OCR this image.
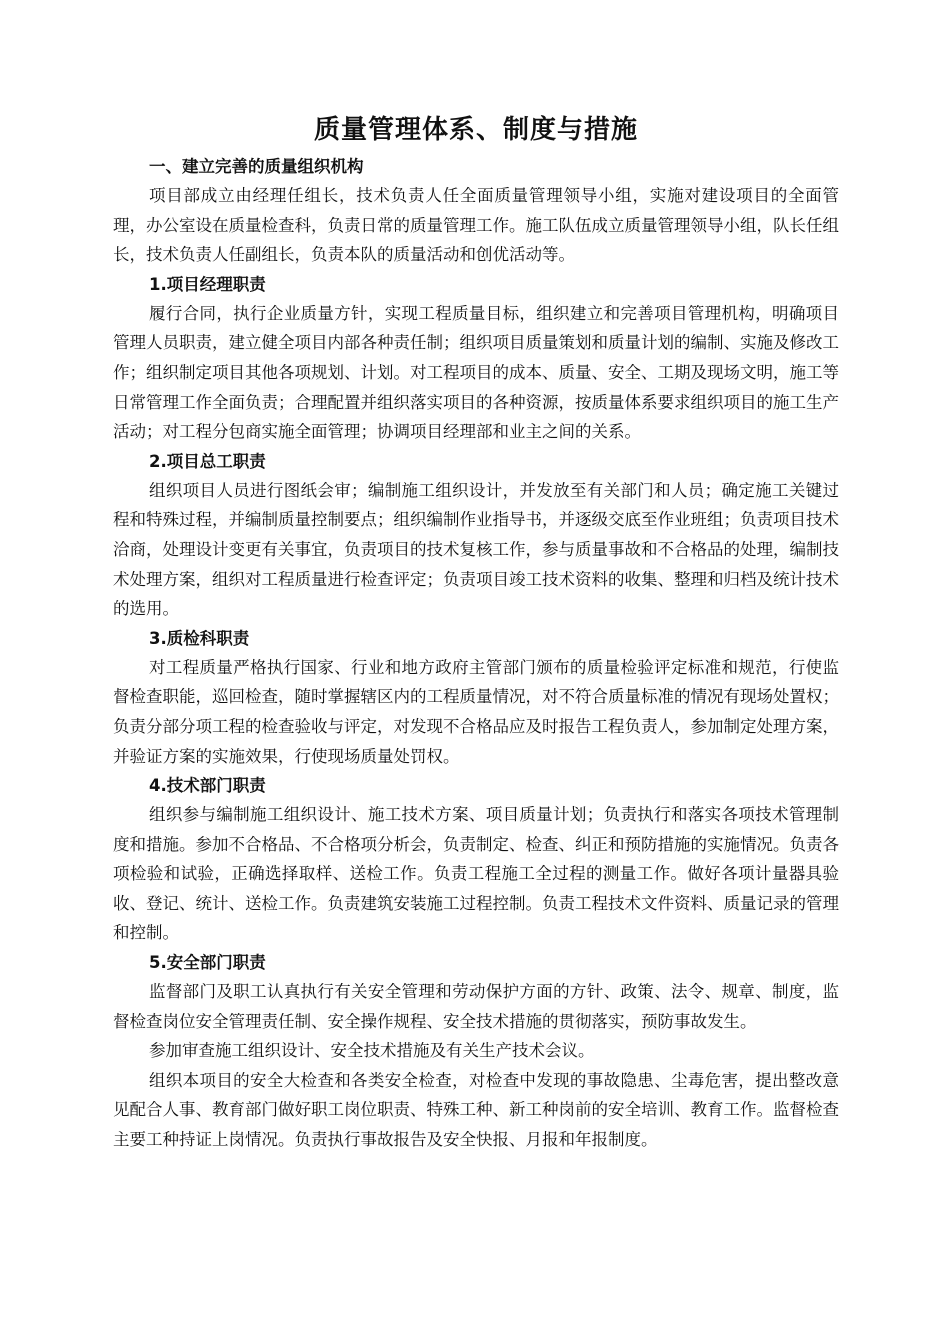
质量管理体系、制度与措施

一、建立完善的质量组织机构

项目部成立由经理任组长，技术负责人任全面质量管理领导小组，实施对建设项目的全面管理，办公室设在质量检查科，负责日常的质量管理工作。施工队伍成立质量管理领导小组，队长任组长，技术负责人任副组长，负责本队的质量活动和创优活动等。

1.项目经理职责

履行合同，执行企业质量方针，实现工程质量目标，组织建立和完善项目管理机构，明确项目管理人员职责，建立健全项目内部各种责任制；组织项目质量策划和质量计划的编制、实施及修改工作；组织制定项目其他各项规划、计划。对工程项目的成本、质量、安全、工期及现场文明，施工等日常管理工作全面负责；合理配置并组织落实项目的各种资源，按质量体系要求组织项目的施工生产活动；对工程分包商实施全面管理；协调项目经理部和业主之间的关系。

2.项目总工职责

组织项目人员进行图纸会审；编制施工组织设计，并发放至有关部门和人员；确定施工关键过程和特殊过程，并编制质量控制要点；组织编制作业指导书，并逐级交底至作业班组；负责项目技术洽商，处理设计变更有关事宜，负责项目的技术复核工作，参与质量事故和不合格品的处理，编制技术处理方案，组织对工程质量进行检查评定；负责项目竣工技术资料的收集、整理和归档及统计技术的选用。

3.质检科职责

对工程质量严格执行国家、行业和地方政府主管部门颁布的质量检验评定标准和规范，行使监督检查职能，巡回检查，随时掌握辖区内的工程质量情况，对不符合质量标准的情况有现场处置权；负责分部分项工程的检查验收与评定，对发现不合格品应及时报告工程负责人，参加制定处理方案，并验证方案的实施效果，行使现场质量处罚权。

4.技术部门职责

组织参与编制施工组织设计、施工技术方案、项目质量计划；负责执行和落实各项技术管理制度和措施。参加不合格品、不合格项分析会，负责制定、检查、纠正和预防措施的实施情况。负责各项检验和试验，正确选择取样、送检工作。负责工程施工全过程的测量工作。做好各项计量器具验收、登记、统计、送检工作。负责建筑安装施工过程控制。负责工程技术文件资料、质量记录的管理和控制。

5.安全部门职责

监督部门及职工认真执行有关安全管理和劳动保护方面的方针、政策、法令、规章、制度，监督检查岗位安全管理责任制、安全操作规程、安全技术措施的贯彻落实，预防事故发生。

参加审查施工组织设计、安全技术措施及有关生产技术会议。

组织本项目的安全大检查和各类安全检查，对检查中发现的事故隐患、尘毒危害，提出整改意见配合人事、教育部门做好职工岗位职责、特殊工种、新工种岗前的安全培训、教育工作。监督检查主要工种持证上岗情况。负责执行事故报告及安全快报、月报和年报制度。
